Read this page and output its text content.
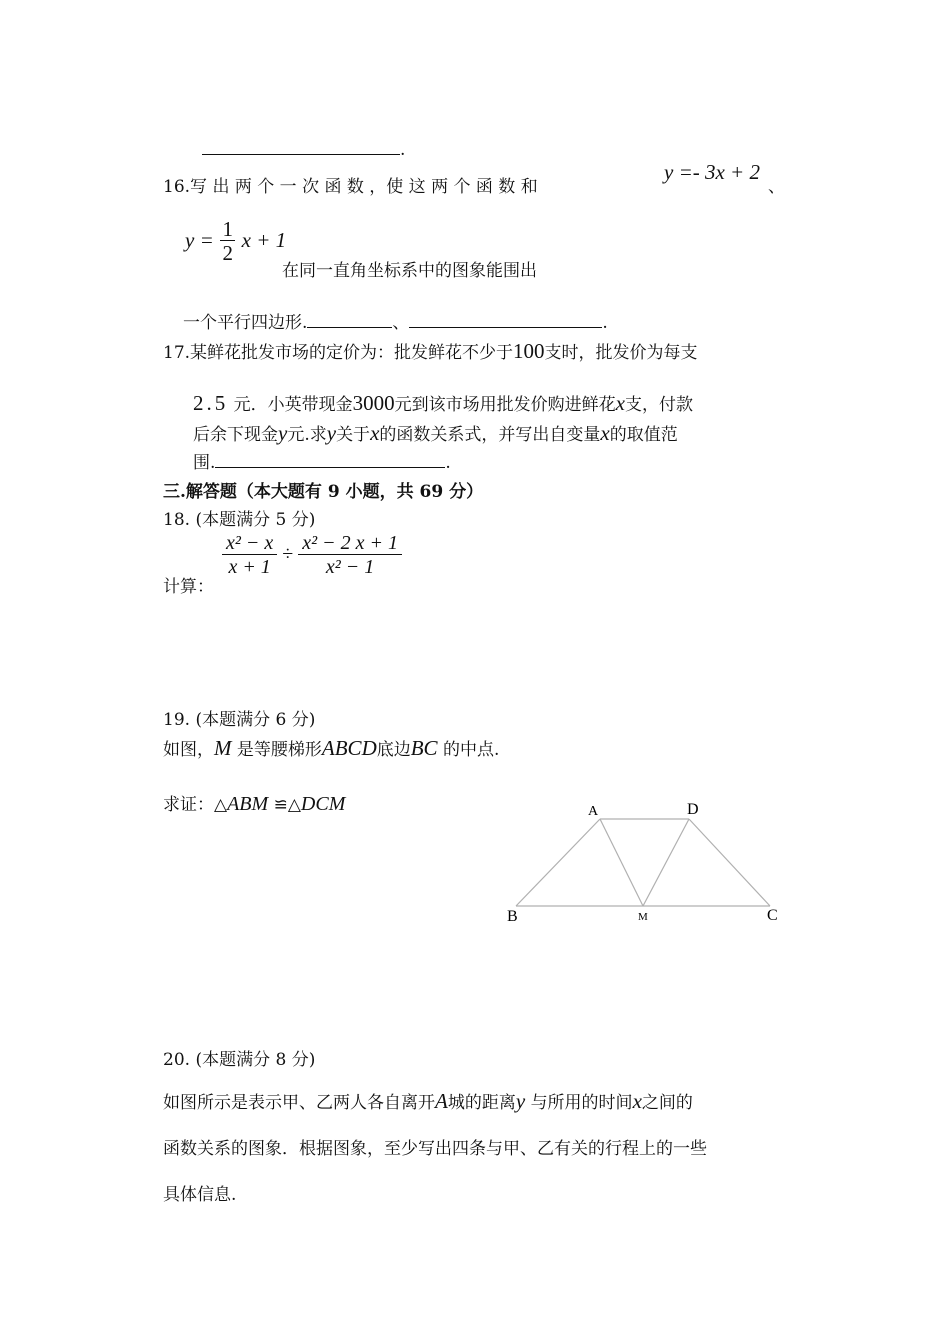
.
16.写 出 两 个 一 次 函 数 ，使 这 两 个 函 数 和
y =- 3x + 2
、
$y = \frac{1}{2}$ x + 1
在同一直角坐标系中的图象能围出
一个平行四边形.	、	.
17.某鲜花批发市场的定价为：批发鲜花不少于100支时，批发价为每支
2.5 元．小英带现金3000元到该市场用批发价购进鲜花x支，付款
后余下现金y元.求y关于x的函数关系式，并写出自变量x的取值范
围.	.
三.解答题（本大题有 9 小题，共 69 分）
18. (本题满分 5 分)
计算：
$\frac{\text{x² − x}}{x + 1} \div \frac{\text{x² − 2 x + 1}}{\text{x² − 1}}$
19. (本题满分 6 分)
如图，M 是等腰梯形ABCD底边BC 的中点.
求证：△ABM ≌△DCM	A	D
B	M	C
20. (本题满分 8 分)
如图所示是表示甲、乙两人各自离开A城的距离y 与所用的时间x之间的
函数关系的图象．根据图象，至少写出四条与甲、乙有关的行程上的一些
具体信息.
